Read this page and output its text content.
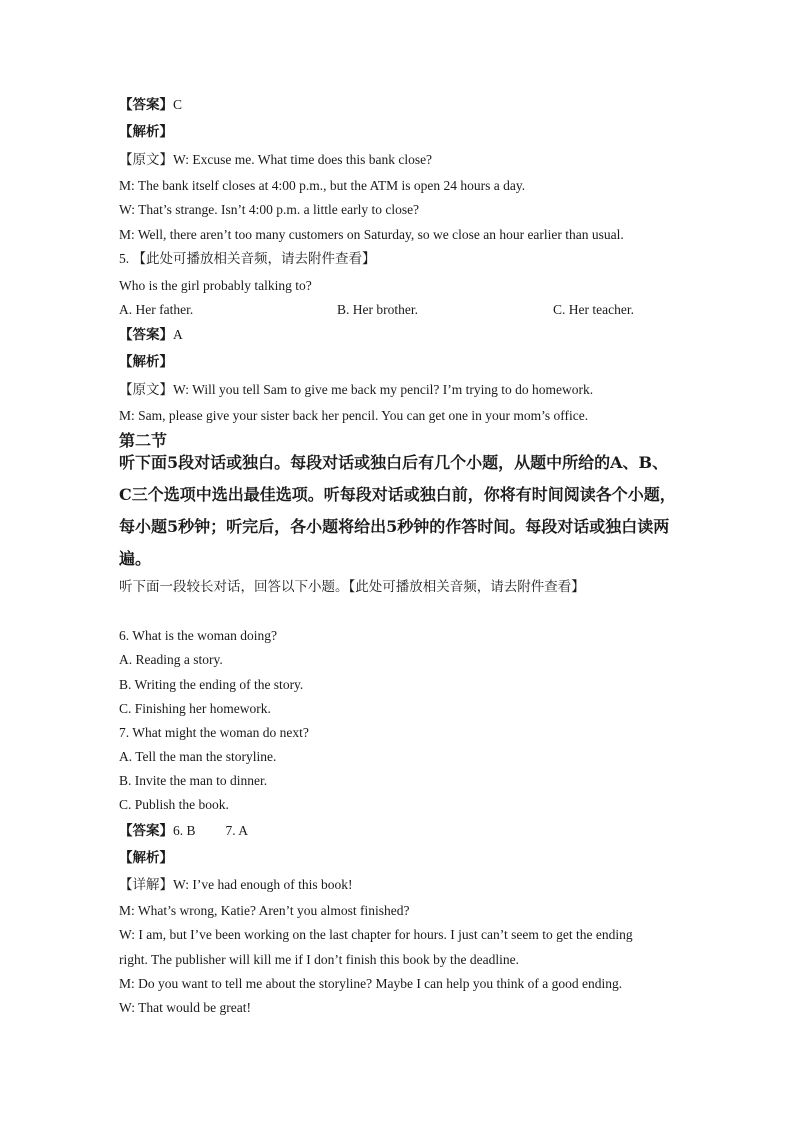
【答案】C
【解析】
【原文】W: Excuse me. What time does this bank close?
M: The bank itself closes at 4:00 p.m., but the ATM is open 24 hours a day.
W: That’s strange. Isn’t 4:00 p.m. a little early to close?
M: Well, there aren’t too many customers on Saturday, so we close an hour earlier than usual.
5. 【此处可播放相关音频，请去附件查看】
Who is the girl probably talking to?
A. Her father.	B. Her brother.	C. Her teacher.
【答案】A
【解析】
【原文】W: Will you tell Sam to give me back my pencil? I’m trying to do homework.
M: Sam, please give your sister back her pencil. You can get one in your mom’s office.
第二节
听下面5段对话或独白。每段对话或独白后有几个小题，从题中所给的A、B、C三个选项中选出最佳选项。听每段对话或独白前，你将有时间阅读各个小题，每小题5秒钟；听完后，各小题将给出5秒钟的作答时间。每段对话或独白读两遍。
听下面一段较长对话，回答以下小题。【此处可播放相关音频，请去附件查看】
6. What is the woman doing?
A. Reading a story.
B. Writing the ending of the story.
C. Finishing her homework.
7. What might the woman do next?
A. Tell the man the storyline.
B. Invite the man to dinner.
C. Publish the book.
【答案】6. B 7. A
【解析】
【详解】W: I’ve had enough of this book!
M: What’s wrong, Katie? Aren’t you almost finished?
W: I am, but I’ve been working on the last chapter for hours. I just can’t seem to get the ending
right. The publisher will kill me if I don’t finish this book by the deadline.
M: Do you want to tell me about the storyline? Maybe I can help you think of a good ending.
W: That would be great!
